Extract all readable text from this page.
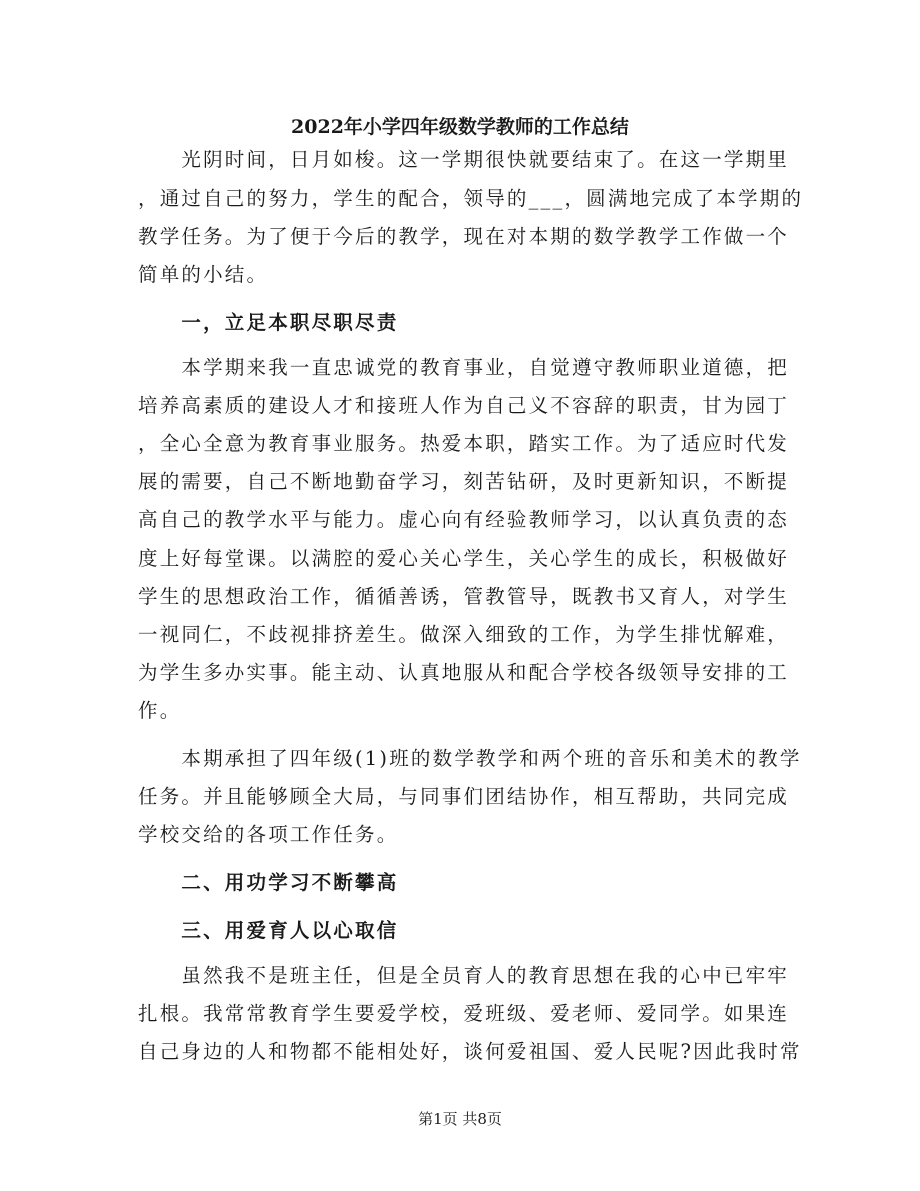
2022年小学四年级数学教师的工作总结
　　光阴时间，日月如梭。这一学期很快就要结束了。在这一学期里
，通过自己的努力，学生的配合，领导的___，圆满地完成了本学期的
教学任务。为了便于今后的教学，现在对本期的数学教学工作做一个
简单的小结。
　　一，立足本职尽职尽责
　　本学期来我一直忠诚党的教育事业，自觉遵守教师职业道德，把
培养高素质的建设人才和接班人作为自己义不容辞的职责，甘为园丁
，全心全意为教育事业服务。热爱本职，踏实工作。为了适应时代发
展的需要，自己不断地勤奋学习，刻苦钻研，及时更新知识，不断提
高自己的教学水平与能力。虚心向有经验教师学习，以认真负责的态
度上好每堂课。以满腔的爱心关心学生，关心学生的成长，积极做好
学生的思想政治工作，循循善诱，管教管导，既教书又育人，对学生
一视同仁，不歧视排挤差生。做深入细致的工作，为学生排忧解难，
为学生多办实事。能主动、认真地服从和配合学校各级领导安排的工
作。
　　本期承担了四年级(1)班的数学教学和两个班的音乐和美术的教学
任务。并且能够顾全大局，与同事们团结协作，相互帮助，共同完成
学校交给的各项工作任务。
　　二、用功学习不断攀高
　　三、用爱育人以心取信
　　虽然我不是班主任，但是全员育人的教育思想在我的心中已牢牢
扎根。我常常教育学生要爱学校，爱班级、爱老师、爱同学。如果连
自己身边的人和物都不能相处好，谈何爱祖国、爱人民呢?因此我时常
第1页 共8页
